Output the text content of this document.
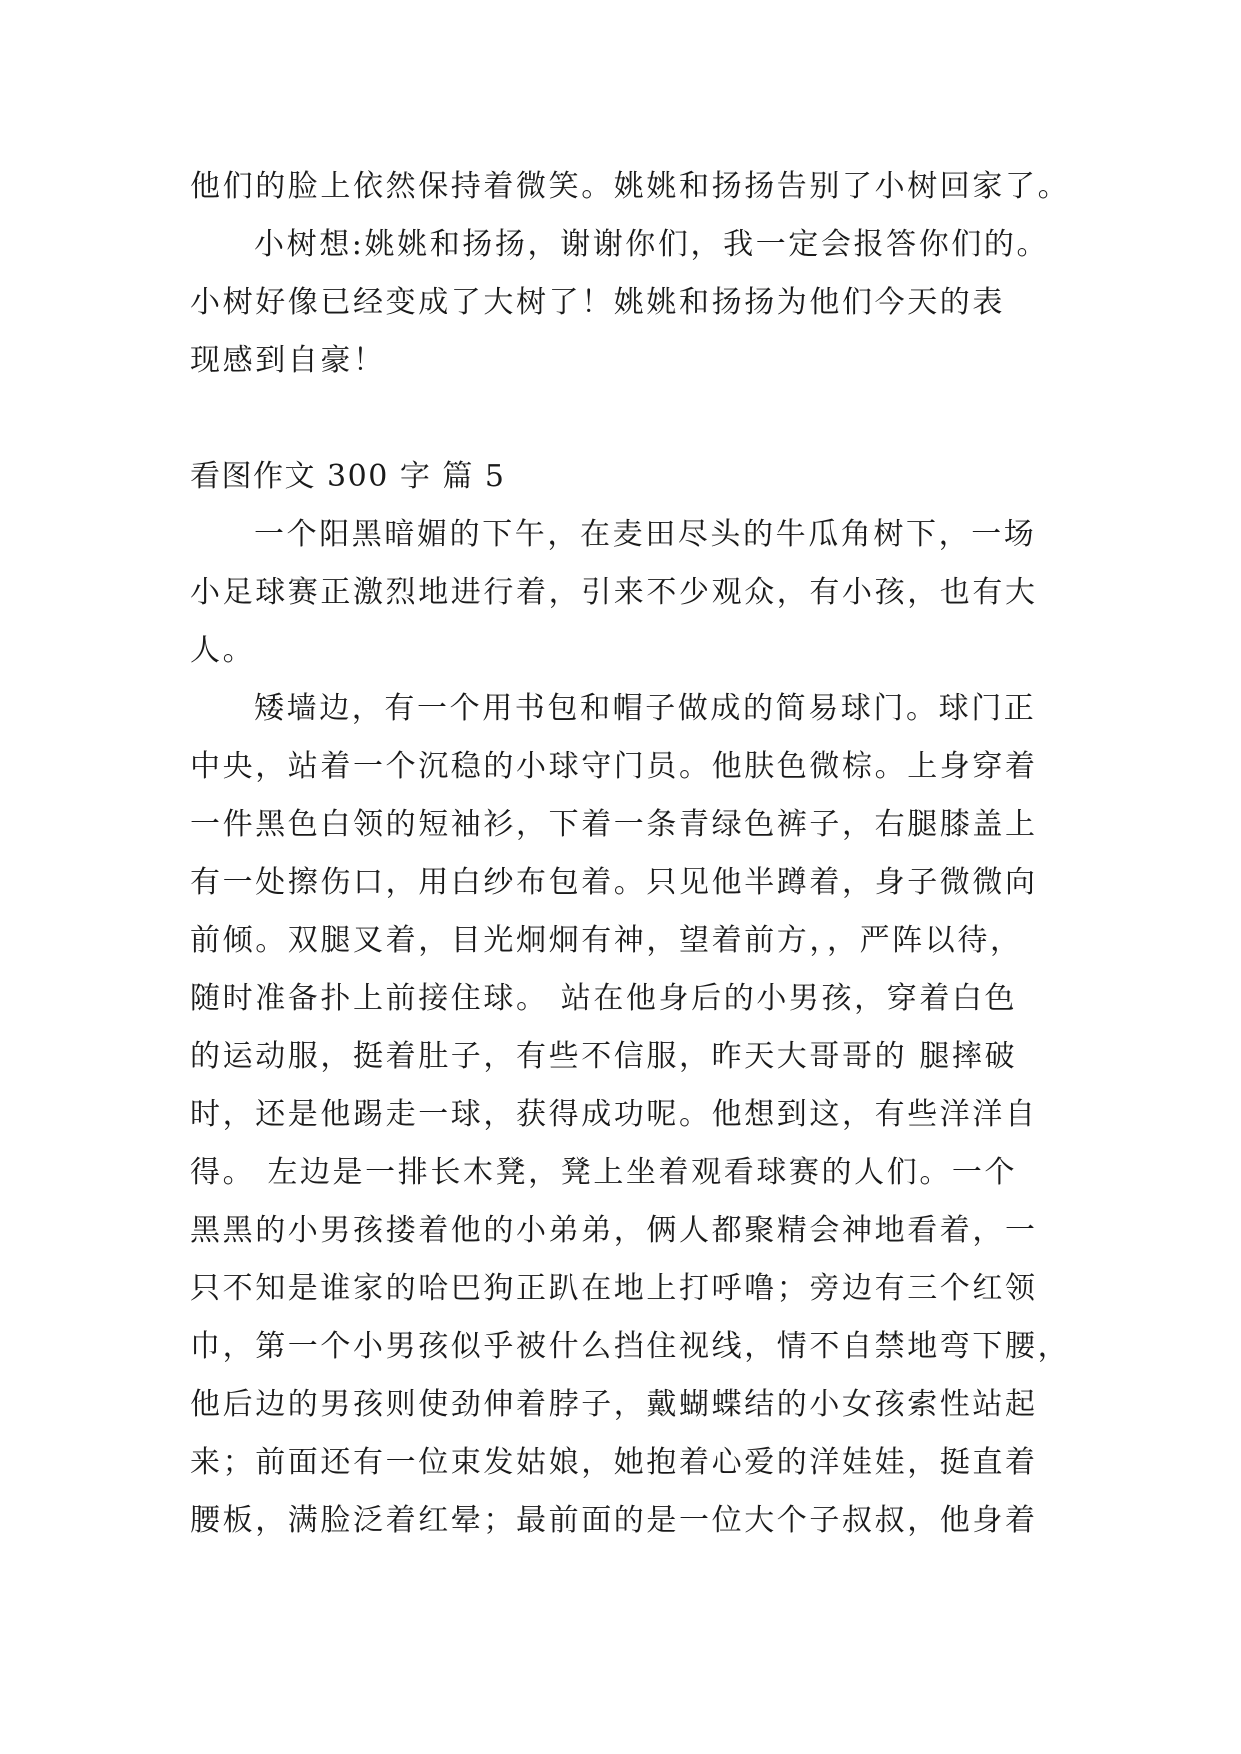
他们的脸上依然保持着微笑。姚姚和扬扬告别了小树回家了。

小树想:姚姚和扬扬，谢谢你们，我一定会报答你们的。
小树好像已经变成了大树了！姚姚和扬扬为他们今天的表
现感到自豪！

看图作文 300 字 篇 5

一个阳黑暗媚的下午，在麦田尽头的牛瓜角树下，一场
小足球赛正激烈地进行着，引来不少观众，有小孩，也有大
人。

矮墙边，有一个用书包和帽子做成的简易球门。球门正
中央，站着一个沉稳的小球守门员。他肤色微棕。上身穿着
一件黑色白领的短袖衫，下着一条青绿色裤子，右腿膝盖上
有一处擦伤口，用白纱布包着。只见他半蹲着，身子微微向
前倾。双腿叉着，目光炯炯有神，望着前方，，严阵以待，
随时准备扑上前接住球。 站在他身后的小男孩，穿着白色
的运动服，挺着肚子，有些不信服，昨天大哥哥的 腿摔破
时，还是他踢走一球，获得成功呢。他想到这，有些洋洋自
得。 左边是一排长木凳，凳上坐着观看球赛的人们。一个
黑黑的小男孩搂着他的小弟弟，俩人都聚精会神地看着，一
只不知是谁家的哈巴狗正趴在地上打呼噜；旁边有三个红领
巾，第一个小男孩似乎被什么挡住视线，情不自禁地弯下腰，
他后边的男孩则使劲伸着脖子，戴蝴蝶结的小女孩索性站起
来；前面还有一位束发姑娘，她抱着心爱的洋娃娃，挺直着
腰板，满脸泛着红晕；最前面的是一位大个子叔叔，他身着
